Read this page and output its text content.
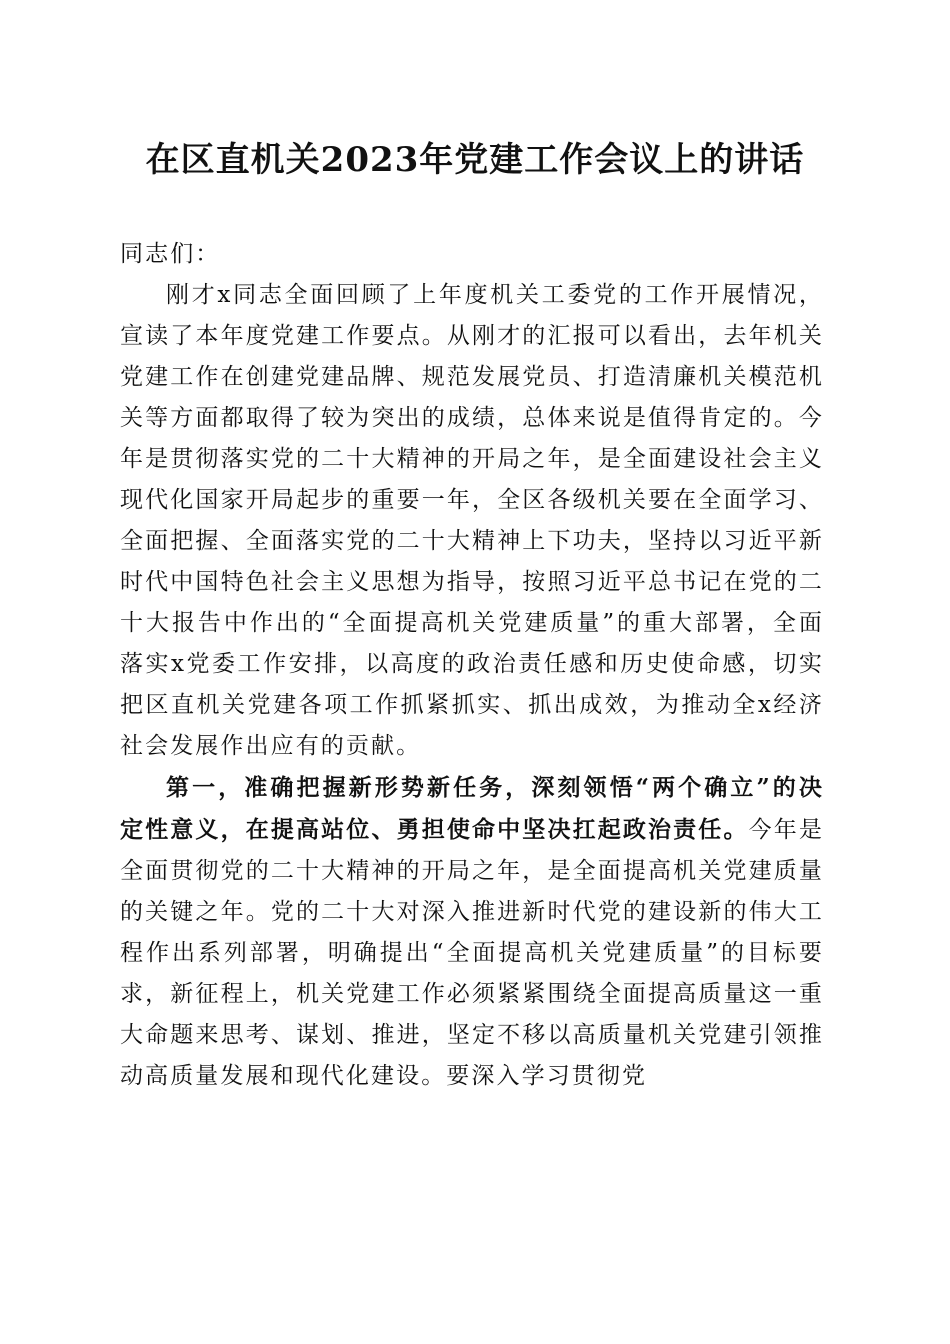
在区直机关2023年党建工作会议上的讲话

同志们：

刚才x同志全面回顾了上年度机关工委党的工作开展情况，宣读了本年度党建工作要点。从刚才的汇报可以看出，去年机关党建工作在创建党建品牌、规范发展党员、打造清廉机关模范机关等方面都取得了较为突出的成绩，总体来说是值得肯定的。今年是贯彻落实党的二十大精神的开局之年，是全面建设社会主义现代化国家开局起步的重要一年，全区各级机关要在全面学习、全面把握、全面落实党的二十大精神上下功夫，坚持以习近平新时代中国特色社会主义思想为指导，按照习近平总书记在党的二十大报告中作出的“全面提高机关党建质量”的重大部署，全面落实x党委工作安排，以高度的政治责任感和历史使命感，切实把区直机关党建各项工作抓紧抓实、抓出成效，为推动全x经济社会发展作出应有的贡献。

第一，准确把握新形势新任务，深刻领悟“两个确立”的决定性意义，在提高站位、勇担使命中坚决扛起政治责任。今年是全面贯彻党的二十大精神的开局之年，是全面提高机关党建质量的关键之年。党的二十大对深入推进新时代党的建设新的伟大工程作出系列部署，明确提出“全面提高机关党建质量”的目标要求，新征程上，机关党建工作必须紧紧围绕全面提高质量这一重大命题来思考、谋划、推进，坚定不移以高质量机关党建引领推动高质量发展和现代化建设。要深入学习贯彻党
